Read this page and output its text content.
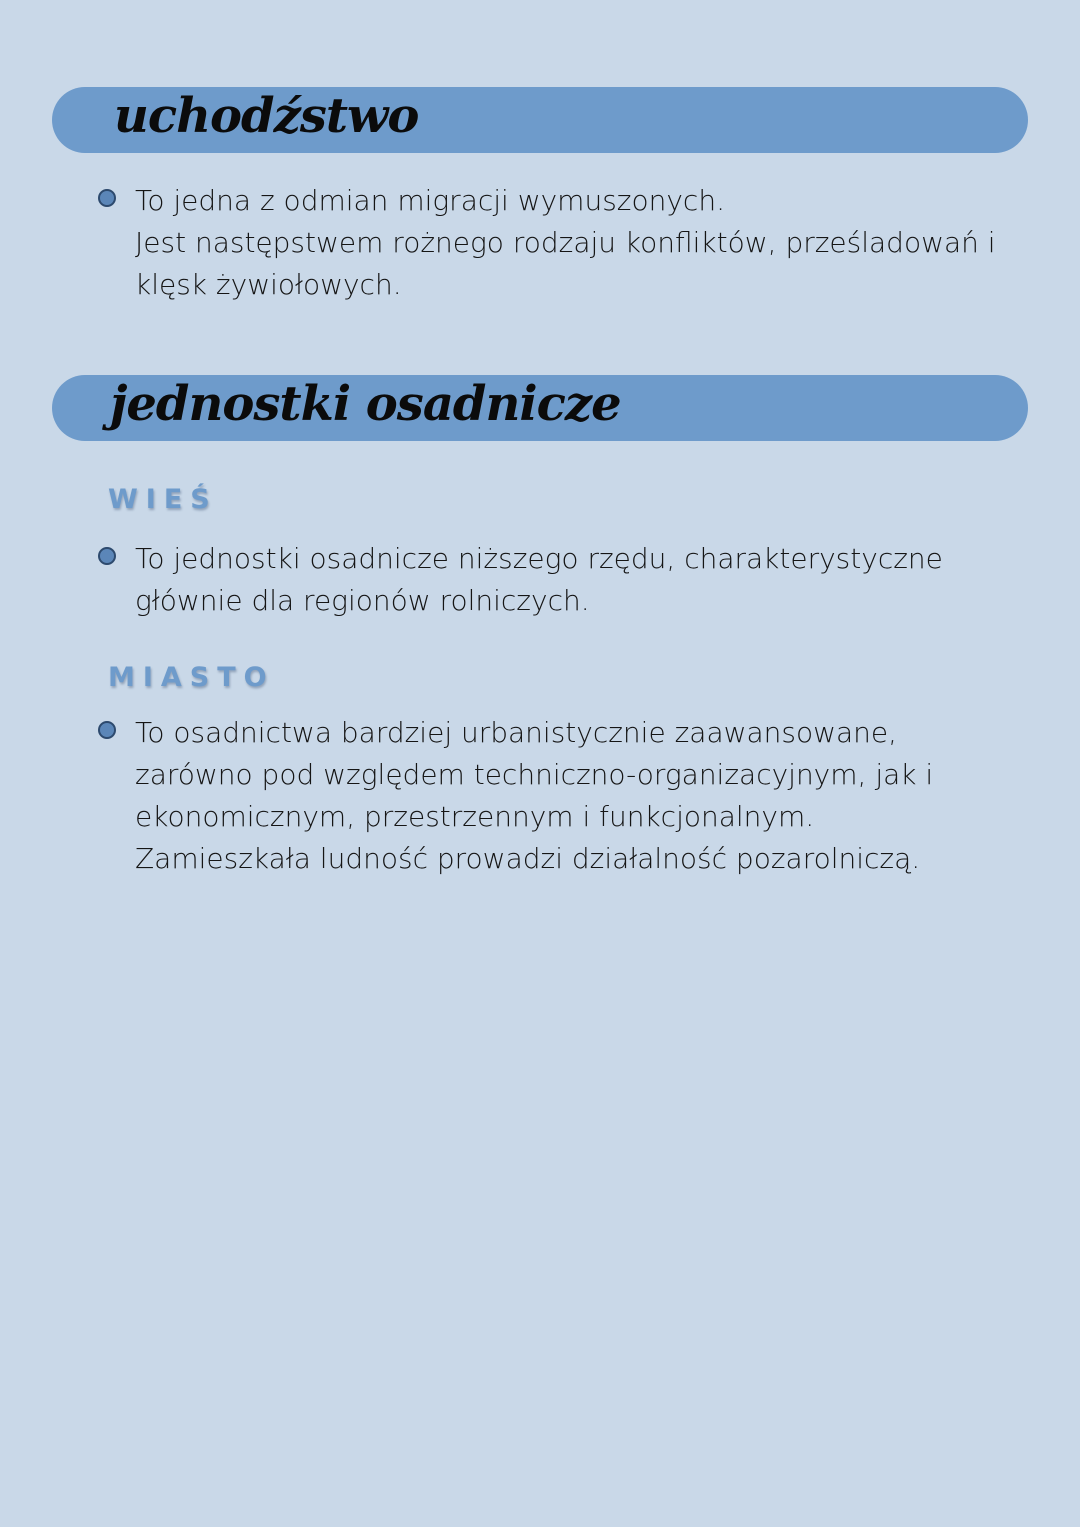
uchodźstwo
To jedna z odmian migracji wymuszonych.
Jest następstwem rożnego rodzaju konfliktów, prześladowań i
klęsk żywiołowych.
jednostki osadnicze
WIEŚ
To jednostki osadnicze niższego rzędu, charakterystyczne
głównie dla regionów rolniczych.
MIASTO
To osadnictwa bardziej urbanistycznie zaawansowane,
zarówno pod względem techniczno-organizacyjnym, jak i
ekonomicznym, przestrzennym i funkcjonalnym.
Zamieszkała ludność prowadzi działalność pozarolniczą.
